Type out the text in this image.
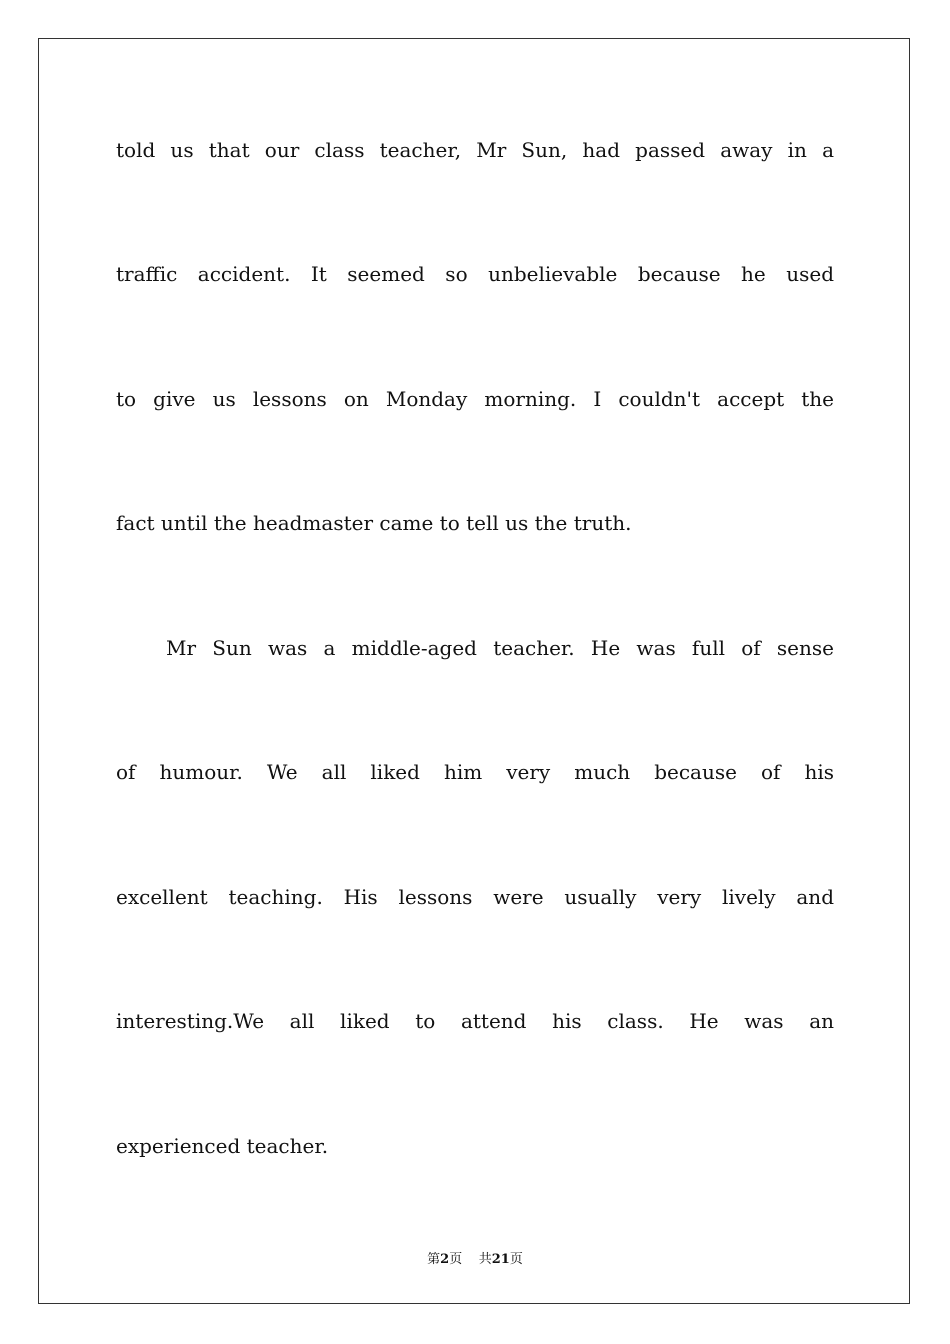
told us that our class teacher, Mr Sun, had passed away in a
traffic accident. It seemed so unbelievable because he used
to give us lessons on Monday morning. I couldn't accept the
fact until the headmaster came to tell us the truth.
Mr Sun was a middle-aged teacher. He was full of sense
of humour. We all liked him very much because of his
excellent teaching. His lessons were usually very lively and
interesting.We all liked to attend his class. He was an
experienced teacher.
第2页 共21页
